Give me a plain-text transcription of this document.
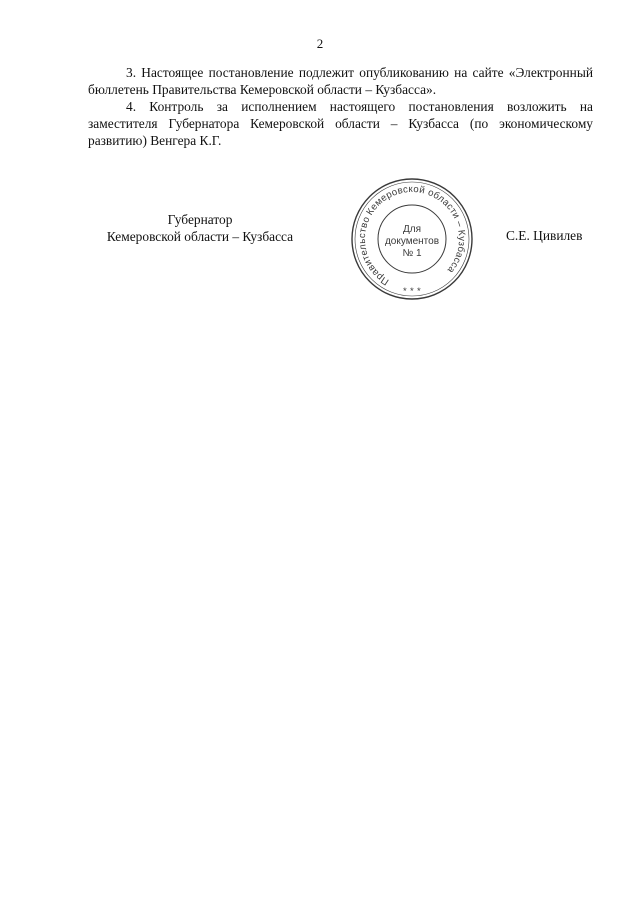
2

3. Настоящее постановление подлежит опубликованию на сайте «Электронный бюллетень Правительства Кемеровской области – Кузбасса».

4. Контроль за исполнением настоящего постановления возложить на заместителя Губернатора Кемеровской области – Кузбасса (по экономическому развитию) Венгера К.Г.

Губернатор
Кемеровской области – Кузбасса
Правительство Кемеровской области – Кузбасса
* * *
Для
документов
№ 1
С.Е. Цивилев
